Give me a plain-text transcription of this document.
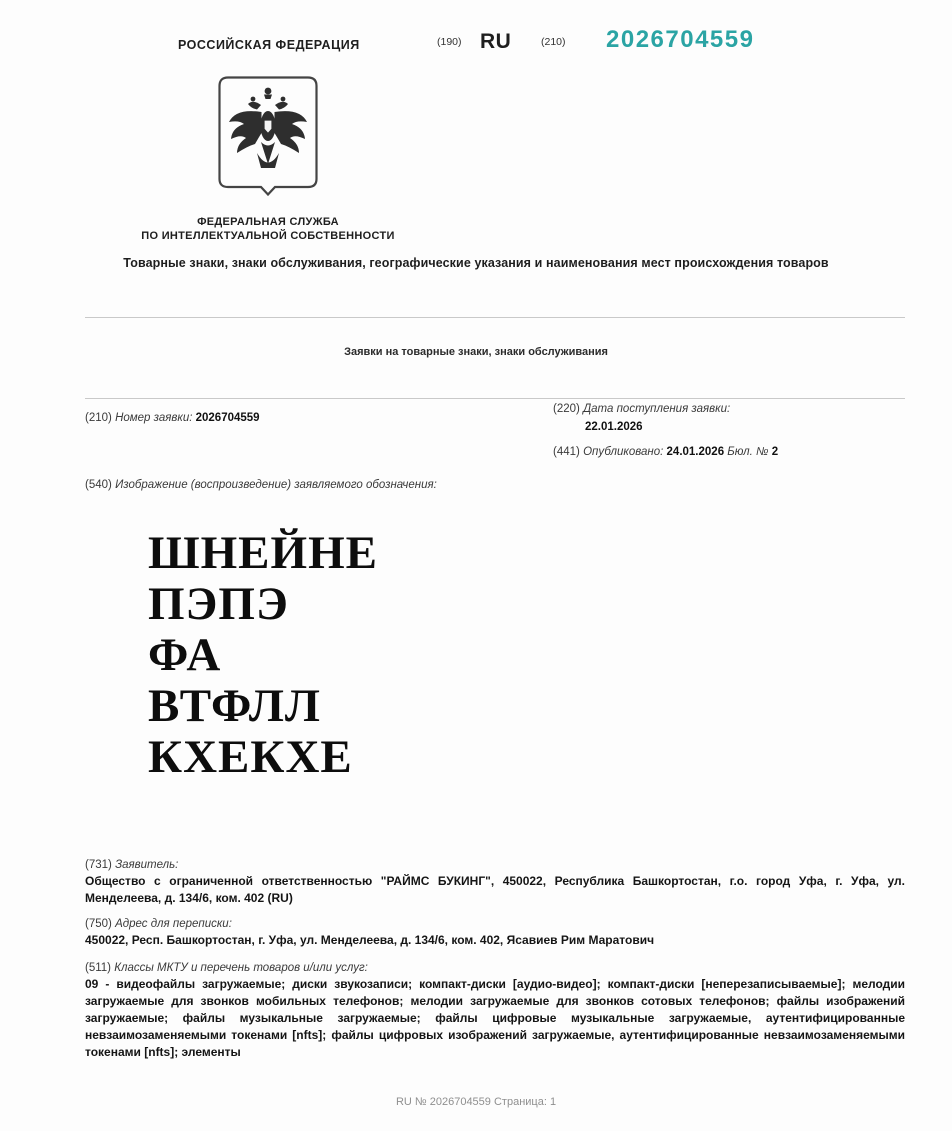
РОССИЙСКАЯ ФЕДЕРАЦИЯ	(190) RU	(210) 2026704559
ФЕДЕРАЛЬНАЯ СЛУЖБА
ПО ИНТЕЛЛЕКТУАЛЬНОЙ СОБСТВЕННОСТИ
Товарные знаки, знаки обслуживания, географические указания и наименования мест происхождения товаров
Заявки на товарные знаки, знаки обслуживания
(210) Номер заявки: 2026704559
(220) Дата поступления заявки:
22.01.2026
(441) Опубликовано: 24.01.2026 Бюл. № 2
(540) Изображение (воспроизведение) заявляемого обозначения:
ШНЕЙНЕ
ПЭПЭ
ФА
ВТФЛЛ
КХЕКХЕ
(731) Заявитель:
Общество с ограниченной ответственностью "РАЙМС БУКИНГ", 450022, Республика Башкортостан, г.о. город Уфа, г. Уфа, ул. Менделеева, д. 134/6, ком. 402 (RU)
(750) Адрес для переписки:
450022, Респ. Башкортостан, г. Уфа, ул. Менделеева, д. 134/6, ком. 402, Ясавиев Рим Маратович
(511) Классы МКТУ и перечень товаров и/или услуг:
09 - видеофайлы загружаемые; диски звукозаписи; компакт-диски [аудио-видео]; компакт-диски [неперезаписываемые]; мелодии загружаемые для звонков мобильных телефонов; мелодии загружаемые для звонков сотовых телефонов; файлы изображений загружаемые; файлы музыкальные загружаемые; файлы цифровые музыкальные загружаемые, аутентифицированные невзаимозаменяемыми токенами [nfts]; файлы цифровых изображений загружаемые, аутентифицированные невзаимозаменяемыми токенами [nfts]; элементы
RU № 2026704559 Страница: 1
